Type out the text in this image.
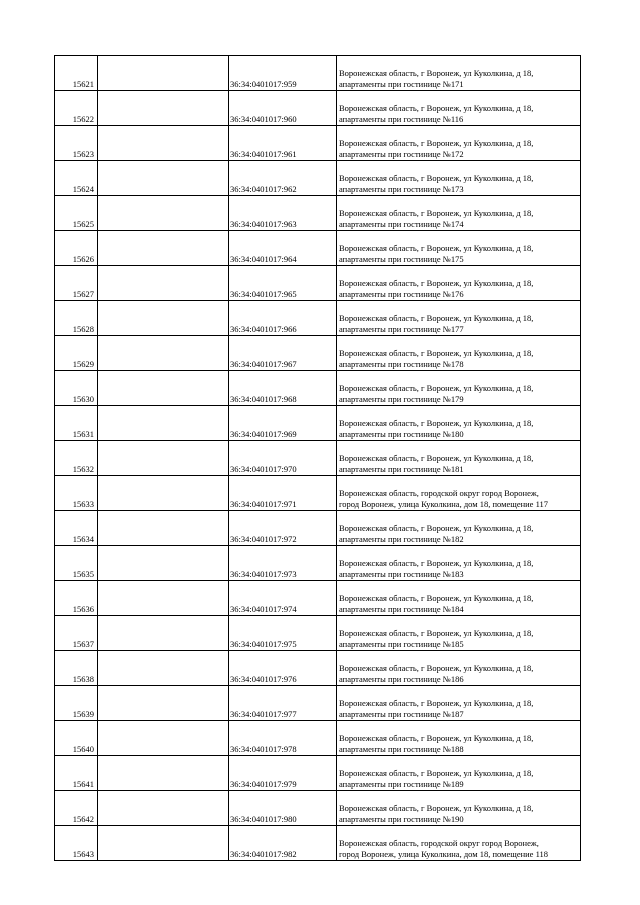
15621		36:34:0401017:959	Воронежская область, г Воронеж, ул Куколкина, д 18,
апартаменты при гостинице №171

15622		36:34:0401017:960	Воронежская область, г Воронеж, ул Куколкина, д 18,
апартаменты при гостинице №116

15623		36:34:0401017:961	Воронежская область, г Воронеж, ул Куколкина, д 18,
апартаменты при гостинице №172

15624		36:34:0401017:962	Воронежская область, г Воронеж, ул Куколкина, д 18,
апартаменты при гостинице №173

15625		36:34:0401017:963	Воронежская область, г Воронеж, ул Куколкина, д 18,
апартаменты при гостинице №174

15626		36:34:0401017:964	Воронежская область, г Воронеж, ул Куколкина, д 18,
апартаменты при гостинице №175

15627		36:34:0401017:965	Воронежская область, г Воронеж, ул Куколкина, д 18,
апартаменты при гостинице №176

15628		36:34:0401017:966	Воронежская область, г Воронеж, ул Куколкина, д 18,
апартаменты при гостинице №177

15629		36:34:0401017:967	Воронежская область, г Воронеж, ул Куколкина, д 18,
апартаменты при гостинице №178

15630		36:34:0401017:968	Воронежская область, г Воронеж, ул Куколкина, д 18,
апартаменты при гостинице №179

15631		36:34:0401017:969	Воронежская область, г Воронеж, ул Куколкина, д 18,
апартаменты при гостинице №180

15632		36:34:0401017:970	Воронежская область, г Воронеж, ул Куколкина, д 18,
апартаменты при гостинице №181

15633		36:34:0401017:971	Воронежская область, городской округ город Воронеж,
город Воронеж, улица Куколкина, дом 18, помещение 117

15634		36:34:0401017:972	Воронежская область, г Воронеж, ул Куколкина, д 18,
апартаменты при гостинице №182

15635		36:34:0401017:973	Воронежская область, г Воронеж, ул Куколкина, д 18,
апартаменты при гостинице №183

15636		36:34:0401017:974	Воронежская область, г Воронеж, ул Куколкина, д 18,
апартаменты при гостинице №184

15637		36:34:0401017:975	Воронежская область, г Воронеж, ул Куколкина, д 18,
апартаменты при гостинице №185

15638		36:34:0401017:976	Воронежская область, г Воронеж, ул Куколкина, д 18,
апартаменты при гостинице №186

15639		36:34:0401017:977	Воронежская область, г Воронеж, ул Куколкина, д 18,
апартаменты при гостинице №187

15640		36:34:0401017:978	Воронежская область, г Воронеж, ул Куколкина, д 18,
апартаменты при гостинице №188

15641		36:34:0401017:979	Воронежская область, г Воронеж, ул Куколкина, д 18,
апартаменты при гостинице №189

15642		36:34:0401017:980	Воронежская область, г Воронеж, ул Куколкина, д 18,
апартаменты при гостинице №190

15643		36:34:0401017:982	Воронежская область, городской округ город Воронеж,
город Воронеж, улица Куколкина, дом 18, помещение 118
